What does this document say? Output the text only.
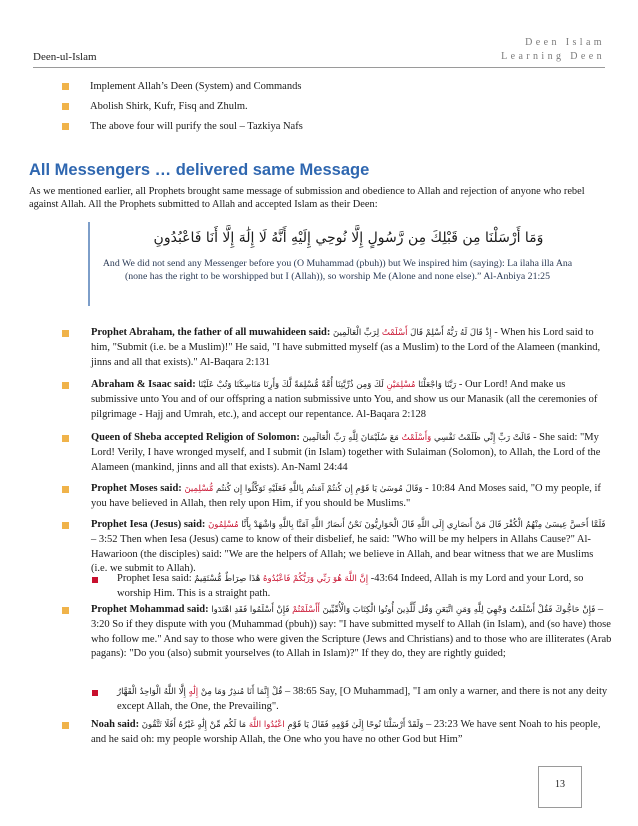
Deen-ul-Islam
Deen Islam
Learning Deen
Implement Allah’s Deen (System) and Commands
Abolish Shirk, Kufr, Fisq and Zhulm.
The above four will purify the soul – Tazkiya Nafs
All Messengers … delivered same Message
As we mentioned earlier, all Prophets brought same message of submission and obedience to Allah and rejection of anyone who rebel against Allah. All the Prophets submitted to Allah and accepted Islam as their Deen:
وَمَا أَرْسَلْنَا مِن قَبْلِكَ مِن رَّسُولٍ إِلَّا نُوحِي إِلَيْهِ أَنَّهُ لَا إِلَٰهَ إِلَّا أَنَا فَاعْبُدُونِ
And We did not send any Messenger before you (O Muhammad (pbuh)) but We inspired him (saying): La ilaha illa Ana
(none has the right to be worshipped but I (Allah)), so worship Me (Alone and none else).” Al-Anbiya 21:25
Prophet Abraham, the father of all muwahideen said:	إِذْ قَالَ لَهُ رَبُّهُ أَسْلِمْ قَالَ أَسْلَمْتُ لِرَبِّ الْعَالَمِينَ	- When his Lord said to him, "Submit (i.e. be a Muslim)!" He said, "I have submitted myself (as a Muslim) to the Lord of the Alameen (mankind, jinns and all that exists)." Al-Baqara 2:131
Abraham & Isaac said:	رَبَّنَا وَاجْعَلْنَا مُسْلِمَيْنِ لَكَ وَمِن ذُرِّيَّتِنَا أُمَّةً مُّسْلِمَةً لَّكَ وَأَرِنَا مَنَاسِكَنَا وَتُبْ عَلَيْنَا	- Our Lord! And make us submissive unto You and of our offspring a nation submissive unto You, and show us our Manasik (all the ceremonies of pilgrimage - Hajj and Umrah, etc.), and accept our repentance. Al-Baqara 2:128
Queen of Sheba accepted Religion of Solomon:	قَالَتْ رَبِّ إِنِّي ظَلَمْتُ نَفْسِي وَأَسْلَمْتُ مَعَ سُلَيْمَانَ لِلَّهِ رَبِّ الْعَالَمِينَ	- She said: "My Lord! Verily, I have wronged myself, and I submit (in Islam) together with Sulaiman (Solomon), to Allah, the Lord of the Alameen (mankind, jinns and all that exists). An-Naml 24:44
Prophet Moses said:	وَقَالَ مُوسَىٰ يَا قَوْمِ إِن كُنتُمْ آمَنتُم بِاللَّهِ فَعَلَيْهِ تَوَكَّلُوا إِن كُنتُم مُّسْلِمِينَ	- 10:84 And Moses said, "O my people, if you have believed in Allah, then rely upon Him, if you should be Muslims."
Prophet Iesa (Jesus) said:	فَلَمَّا أَحَسَّ عِيسَىٰ مِنْهُمُ الْكُفْرَ قَالَ مَنْ أَنصَارِي إِلَى اللَّهِ قَالَ الْحَوَارِيُّونَ نَحْنُ أَنصَارُ اللَّهِ آمَنَّا بِاللَّهِ وَاشْهَدْ بِأَنَّا مُسْلِمُونَ – 3:52 Then when Iesa (Jesus) came to know of their disbelief, he said: "Who will be my helpers in Allahs Cause?" Al-Hawarioon (the disciples) said: "We are the helpers of Allah; we believe in Allah, and bear witness that we are Muslims (i.e. we submit to Allah).
Prophet Iesa said:	إِنَّ اللَّهَ هُوَ رَبِّي وَرَبُّكُمْ فَاعْبُدُوهُ هَٰذَا صِرَاطٌ مُّسْتَقِيمٌ	-43:64 Indeed, Allah is my Lord and your Lord, so worship Him. This is a straight path.
Prophet Mohammad said:	فَإِنْ حَاجُّوكَ فَقُلْ أَسْلَمْتُ وَجْهِيَ لِلَّهِ وَمَنِ اتَّبَعَنِ وَقُل لِّلَّذِينَ أُوتُوا الْكِتَابَ وَالْأُمِّيِّينَ أَأَسْلَمْتُمْ فَإِنْ أَسْلَمُوا فَقَدِ اهْتَدَوا	– 3:20 So if they dispute with you (Muhammad (pbuh)) say: "I have submitted myself to Allah (in Islam), and (so have) those who follow me." And say to those who were given the Scripture (Jews and Christians) and to those who are illiterates (Arab pagans): "Do you (also) submit yourselves (to Allah in Islam)?" If they do, they are rightly guided;
قُلْ إِنَّمَا أَنَا مُنذِرٌ وَمَا مِنْ إِلَٰهٍ إِلَّا اللَّهُ الْوَاحِدُ الْقَهَّارُ	– 38:65 Say, [O Muhammad], "I am only a warner, and there is not any deity except Allah, the One, the Prevailing".
Noah said:	وَلَقَدْ أَرْسَلْنَا نُوحًا إِلَىٰ قَوْمِهِ فَقَالَ يَا قَوْمِ اعْبُدُوا اللَّهَ مَا لَكُم مِّنْ إِلَٰهٍ غَيْرُهُ أَفَلَا تَتَّقُونَ	– 23:23 We have sent Noah to his people, and he said oh: my people worship Allah, the One who you have no other God but Him”
13
